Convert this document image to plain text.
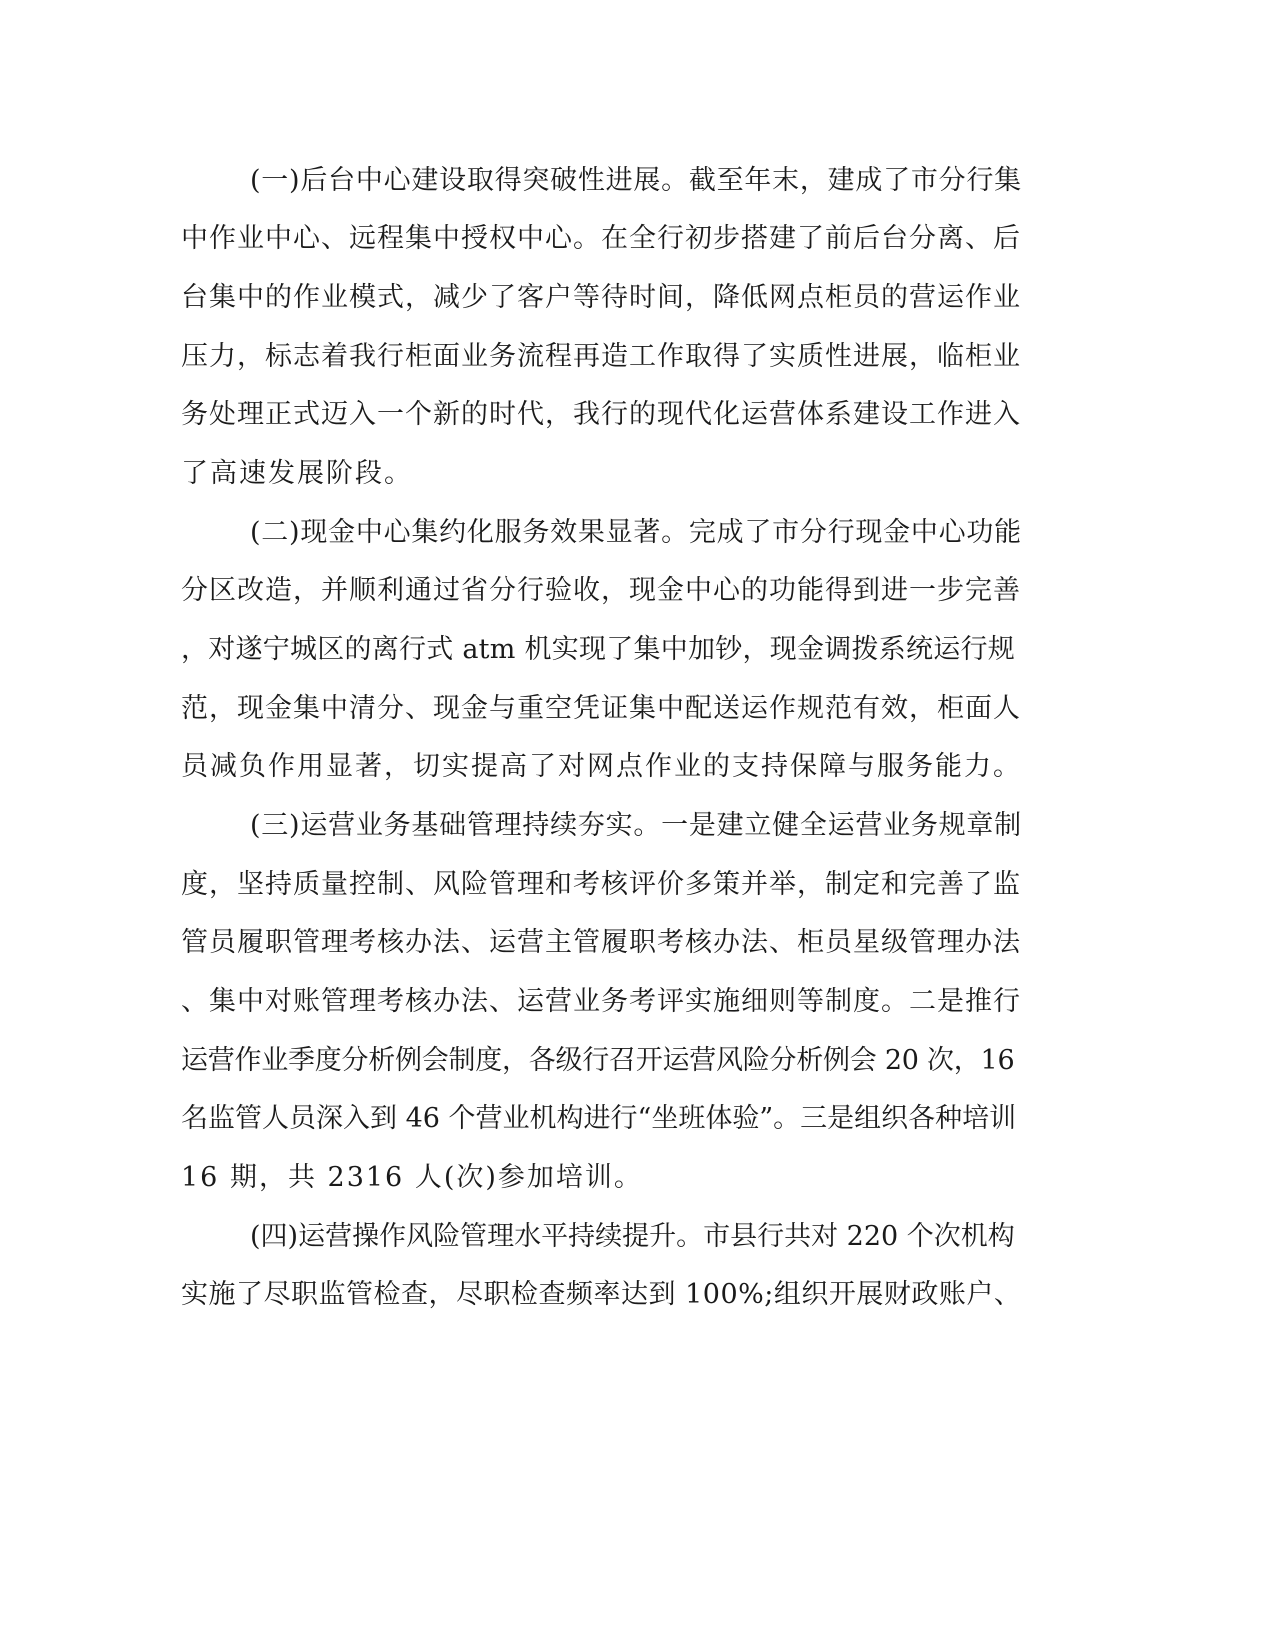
(一)后台中心建设取得突破性进展。截至年末，建成了市分行集

中作业中心、远程集中授权中心。在全行初步搭建了前后台分离、后

台集中的作业模式，减少了客户等待时间，降低网点柜员的营运作业

压力，标志着我行柜面业务流程再造工作取得了实质性进展，临柜业

务处理正式迈入一个新的时代，我行的现代化运营体系建设工作进入

了高速发展阶段。

(二)现金中心集约化服务效果显著。完成了市分行现金中心功能

分区改造，并顺利通过省分行验收，现金中心的功能得到进一步完善

，对遂宁城区的离行式 atm 机实现了集中加钞，现金调拨系统运行规

范，现金集中清分、现金与重空凭证集中配送运作规范有效，柜面人

员减负作用显著，切实提高了对网点作业的支持保障与服务能力。

(三)运营业务基础管理持续夯实。一是建立健全运营业务规章制

度，坚持质量控制、风险管理和考核评价多策并举，制定和完善了监

管员履职管理考核办法、运营主管履职考核办法、柜员星级管理办法

、集中对账管理考核办法、运营业务考评实施细则等制度。二是推行

运营作业季度分析例会制度，各级行召开运营风险分析例会 20 次，16

名监管人员深入到 46 个营业机构进行“坐班体验”。三是组织各种培训

16 期，共 2316 人(次)参加培训。

(四)运营操作风险管理水平持续提升。市县行共对 220 个次机构

实施了尽职监管检查，尽职检查频率达到 100%;组织开展财政账户、
